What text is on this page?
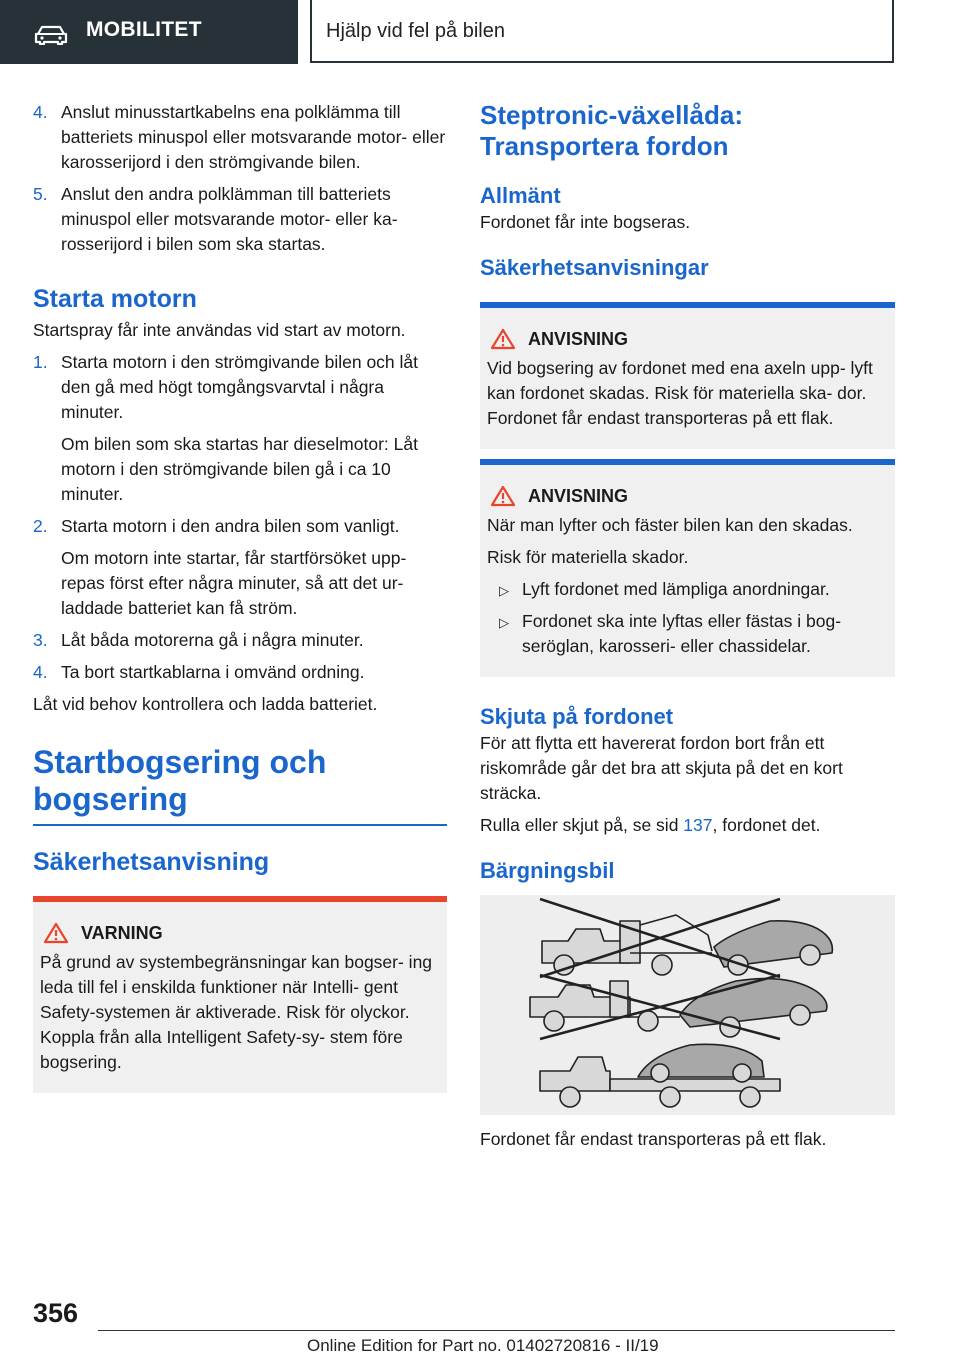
MOBILITET	Hjälp vid fel på bilen
4. Anslut minusstartkabelns ena polklämma till batteriets minuspol eller motsvarande motor- eller karosserijord i den strömgivande bilen.
5. Anslut den andra polklämman till batteriets minuspol eller motsvarande motor- eller ka- rosserijord i bilen som ska startas.
Starta motorn
Startspray får inte användas vid start av motorn.
1. Starta motorn i den strömgivande bilen och låt den gå med högt tomgångsvarvtal i några minuter.
Om bilen som ska startas har dieselmotor: Låt motorn i den strömgivande bilen gå i ca 10 minuter.
2. Starta motorn i den andra bilen som vanligt.
Om motorn inte startar, får startförsöket upp- repas först efter några minuter, så att det ur- laddade batteriet kan få ström.
3. Låt båda motorerna gå i några minuter.
4. Ta bort startkablarna i omvänd ordning.
Låt vid behov kontrollera och ladda batteriet.
Startbogsering och bogsering
Säkerhetsanvisning
VARNING
På grund av systembegränsningar kan bogser- ing leda till fel i enskilda funktioner när Intelli- gent Safety-systemen är aktiverade. Risk för olyckor. Koppla från alla Intelligent Safety-sy- stem före bogsering.
Steptronic-växellåda: Transportera fordon
Allmänt
Fordonet får inte bogseras.
Säkerhetsanvisningar
ANVISNING
Vid bogsering av fordonet med ena axeln upp- lyft kan fordonet skadas. Risk för materiella ska- dor. Fordonet får endast transporteras på ett flak.
ANVISNING
När man lyfter och fäster bilen kan den skadas.
Risk för materiella skador.
▷ Lyft fordonet med lämpliga anordningar.
▷ Fordonet ska inte lyftas eller fästas i bog- seröglan, karosseri- eller chassidelar.
Skjuta på fordonet
För att flytta ett havererat fordon bort från ett riskområde går det bra att skjuta på det en kort sträcka.
Rulla eller skjut på, se sid 137, fordonet det.
Bärgningsbil
Fordonet får endast transporteras på ett flak.
356
Online Edition for Part no. 01402720816 - II/19
